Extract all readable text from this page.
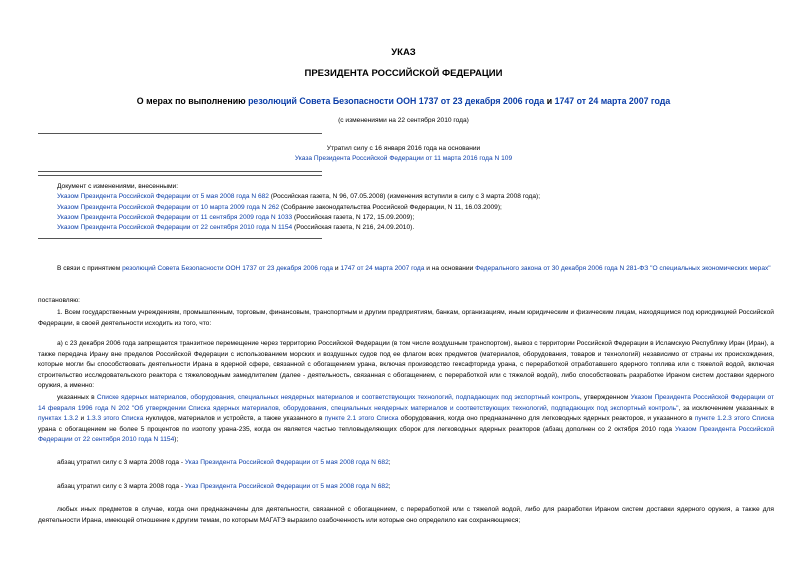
УКАЗ
ПРЕЗИДЕНТА РОССИЙСКОЙ ФЕДЕРАЦИИ
О мерах по выполнению резолюций Совета Безопасности ООН 1737 от 23 декабря 2006 года и 1747 от 24 марта 2007 года
(с изменениями на 22 сентября 2010 года)
Утратил силу с 16 января 2016 года на основании
Указа Президента Российской Федерации от 11 марта 2016 года N 109
Документ с изменениями, внесенными:
Указом Президента Российской Федерации от 5 мая 2008 года N 682 (Российская газета, N 96, 07.05.2008) (изменения вступили в силу с 3 марта 2008 года);
Указом Президента Российской Федерации от 10 марта 2009 года N 262 (Собрание законодательства Российской Федерации, N 11, 16.03.2009);
Указом Президента Российской Федерации от 11 сентября 2009 года N 1033 (Российская газета, N 172, 15.09.2009);
Указом Президента Российской Федерации от 22 сентября 2010 года N 1154 (Российская газета, N 216, 24.09.2010).
В связи с принятием резолюций Совета Безопасности ООН 1737 от 23 декабря 2006 года и 1747 от 24 марта 2007 года и на основании Федерального закона от 30 декабря 2006 года N 281-ФЗ "О специальных экономических мерах"
постановляю:
1. Всем государственным учреждениям, промышленным, торговым, финансовым, транспортным и другим предприятиям, банкам, организациям, иным юридическим и физическим лицам, находящимся под юрисдикцией Российской Федерации, в своей деятельности исходить из того, что:
а) с 23 декабря 2006 года запрещается транзитное перемещение через территорию Российской Федерации (в том числе воздушным транспортом), вывоз с территории Российской Федерации в Исламскую Республику Иран (Иран), а также передача Ирану вне пределов Российской Федерации с использованием морских и воздушных судов под ее флагом всех предметов (материалов, оборудования, товаров и технологий) независимо от страны их происхождения, которые могли бы способствовать деятельности Ирана в ядерной сфере, связанной с обогащением урана, включая производство гексафторида урана, с переработкой отработавшего ядерного топлива или с тяжелой водой, включая строительство исследовательского реактора с тяжеловодным замедлителем (далее - деятельность, связанная с обогащением, с переработкой или с тяжелой водой), либо способствовать разработке Ираном систем доставки ядерного оружия, а именно:
указанных в Списке ядерных материалов, оборудования, специальных неядерных материалов и соответствующих технологий, подпадающих под экспортный контроль, утвержденном Указом Президента Российской Федерации от 14 февраля 1996 года N 202 "Об утверждении Списка ядерных материалов, оборудования, специальных неядерных материалов и соответствующих технологий, подпадающих под экспортный контроль", за исключением указанных в пунктах 1.3.2 и 1.3.3 этого Списка нуклидов, материалов и устройств, а также указанного в пункте 2.1 этого Списка оборудования, когда оно предназначено для легководных ядерных реакторов, и указанного в пункте 1.2.3 этого Списка урана с обогащением не более 5 процентов по изотопу урана-235, когда он является частью тепловыделяющих сборок для легководных ядерных реакторов (абзац дополнен со 2 октября 2010 года Указом Президента Российской Федерации от 22 сентября 2010 года N 1154);
абзац утратил силу с 3 марта 2008 года - Указ Президента Российской Федерации от 5 мая 2008 года N 682;
абзац утратил силу с 3 марта 2008 года - Указ Президента Российской Федерации от 5 мая 2008 года N 682;
любых иных предметов в случае, когда они предназначены для деятельности, связанной с обогащением, с переработкой или с тяжелой водой, либо для разработки Ираном систем доставки ядерного оружия, а также для деятельности Ирана, имеющей отношение к другим темам, по которым МАГАТЭ выразило озабоченность или которые оно определило как сохраняющиеся;
